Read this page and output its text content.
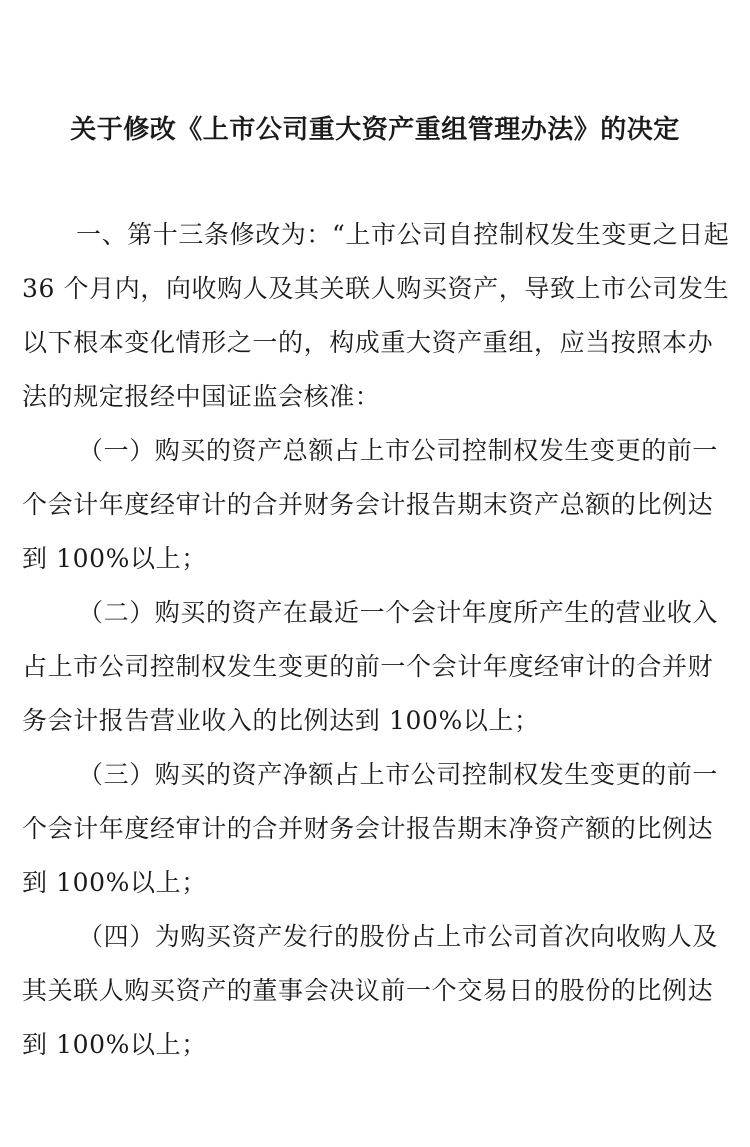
关于修改《上市公司重大资产重组管理办法》的决定
一、第十三条修改为：“上市公司自控制权发生变更之日起
36 个月内，向收购人及其关联人购买资产，导致上市公司发生
以下根本变化情形之一的，构成重大资产重组，应当按照本办
法的规定报经中国证监会核准：
（一）购买的资产总额占上市公司控制权发生变更的前一
个会计年度经审计的合并财务会计报告期末资产总额的比例达
到 100%以上；
（二）购买的资产在最近一个会计年度所产生的营业收入
占上市公司控制权发生变更的前一个会计年度经审计的合并财
务会计报告营业收入的比例达到 100%以上；
（三）购买的资产净额占上市公司控制权发生变更的前一
个会计年度经审计的合并财务会计报告期末净资产额的比例达
到 100%以上；
（四）为购买资产发行的股份占上市公司首次向收购人及
其关联人购买资产的董事会决议前一个交易日的股份的比例达
到 100%以上；
